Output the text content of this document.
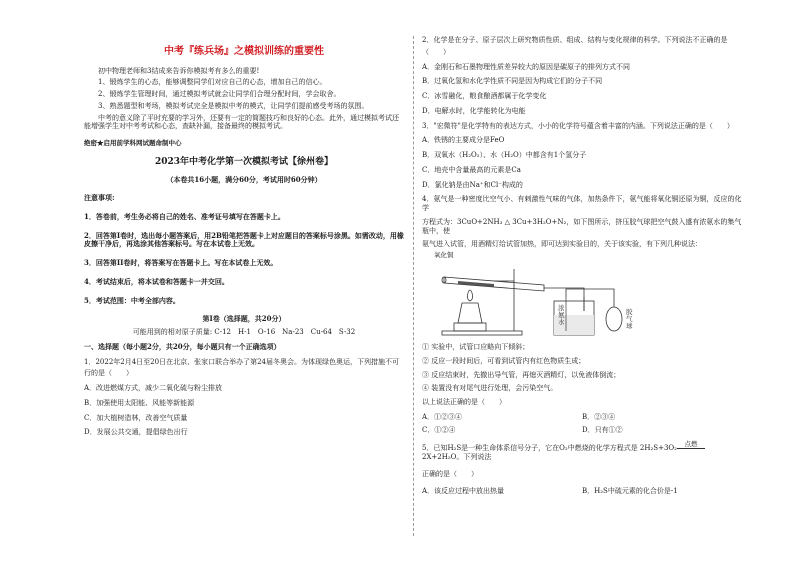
中考『练兵场』之模拟训练的重要性

初中物理老师和3结成来告诉你模拟考有多么的重要!

1、锻炼学生的心态，能够调整同学们对应自己的心态，增加自己的信心。

2、锻炼学生管理时间，通过模拟考试就会让同学们合理分配时间，学会取舍。

3、熟悉题型和考场，模拟考试完全是模拟中考的模式，让同学们提前感受考场的氛围。

中考的意义除了平时充要的学习外，还要有一定的简题技巧和良好的心态。此外，通过模拟考试还能增强学生对中考考试和心态，查缺补漏，接备最终的模拟考试。

绝密★启用前学科网试题命制中心
2023年中考化学第一次模拟考试【徐州卷】
（本卷共16小题，满分60分，考试用时60分钟）

注意事项:

1．答卷前，考生务必将自己的姓名、准考证号填写在答题卡上。

2．回答第I卷时，选出每小题答案后，用2B铅笔把答题卡上对应题目的答案标号涂黑。如需改动，用橡皮擦干净后，再选涂其他答案标号。写在本试卷上无效。

3．回答第II卷时，将答案写在答题卡上。写在本试卷上无效。

4．考试结束后，将本试卷和答题卡一并交回。

5．考试范围：中考全部内容。

第I卷（选择题，共20分）

可能用到的相对原子质量: C-12　H-1　O-16　Na-23　Cu-64　S-32

一、选择题（每小题2分，共20分，每小题只有一个正确选项）

1．2022年2月4日至20日在北京、张家口联合举办了第24届冬奥会。为体现绿色奥运，下列措施不可

行的是（　　）

A．改进燃煤方式，减少二氧化硫与粉尘排放

B．加强使用太阳能、风能等新能源

C．加大植树造林，改善空气质量

D．发展公共交通，提倡绿色出行

2．化学是在分子、原子层次上研究物质性质、组成、结构与变化规律的科学。下列说法不正确的是

（　　）

A．金刚石和石墨物理性质差异较大的原因是碳原子的排列方式不同

B．过氧化氢和水化学性质不同是因为构成它们的分子不同

C．冰雪融化，粮食酿酒都属于化学变化

D．电解水时，化学能转化为电能

3．"宏微符"是化学特有的表达方式，小小的化学符号蕴含着丰富的内涵。下列说法正确的是（　　）

A．铁锈的主要成分是FeO

B．双氧水（H₂O₂）、水（H₂O）中都含有1个氢分子

C．地壳中含量最高的元素是Ca

D．氯化钠是由Na⁺和Cl⁻构成的

4．氨气是一种密度比空气小、有刺激性气味的气体，加热条件下，氨气能将氧化铜还原为铜，反应的化学

方程式为：3CuO+2NH₃ △ 3Cu+3H₂O+N₂，如下图所示，挤压胶气球把空气鼓入盛有浓氨水的集气瓶中，使

氨气进入试管，用酒精灯给试管加热，即可达到实验目的，关于该实验，有下列几种说法：

氧化铜
浓氨水
胶气球

① 实验中，试管口应略向下倾斜；

② 反应一段时间后，可看到试管内有红色物质生成；

③ 反应结束时，先撤出导气管，再熄灭酒精灯，以免液体倒流；

④ 装置没有对尾气进行处理，会污染空气。

以上说法正确的是（　　）

A．①②③④	B．②③④
C．①②④	D．只有①②

5．已知H₂S是一种生命体系信号分子，它在O₂中燃烧的化学方程式是 2H₂S+3O₂ 点燃2X+2H₂O。下列说法

正确的是（　　）

A．该反应过程中放出热量	B．H₂S中硫元素的化合价是-1
